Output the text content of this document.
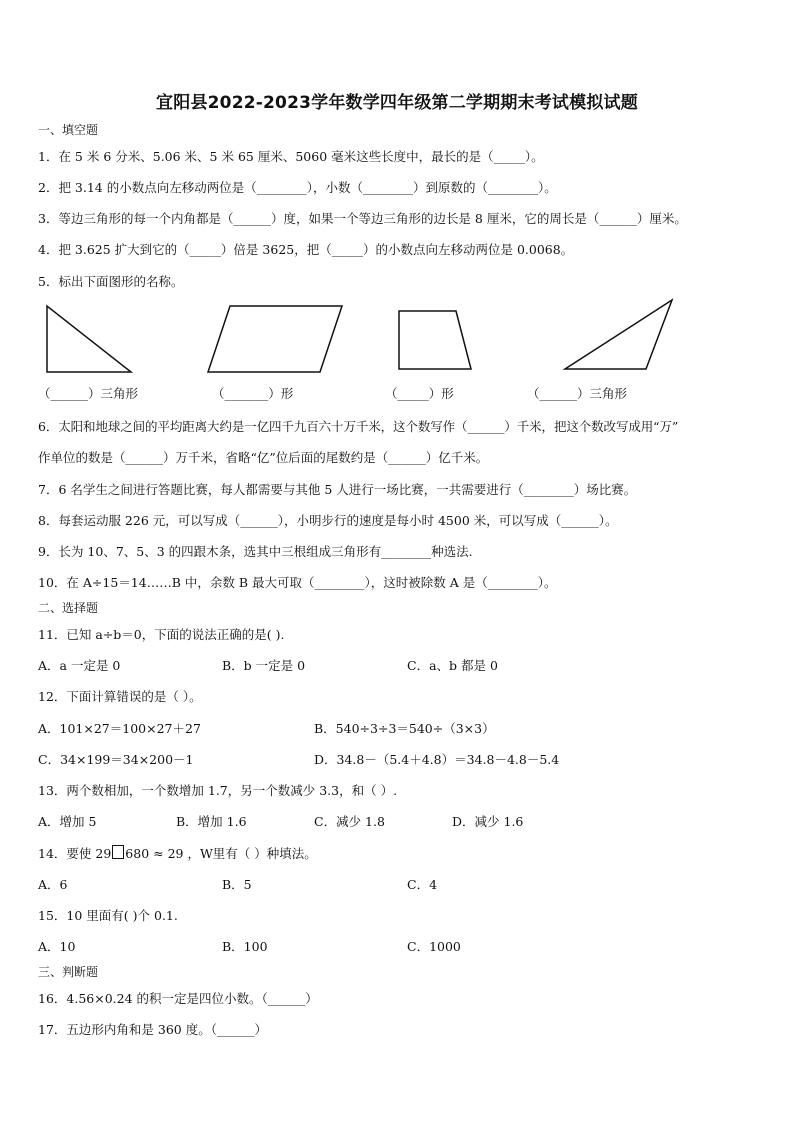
宜阳县2022-2023学年数学四年级第二学期期末考试模拟试题
一、填空题
1．在 5 米 6 分米、5.06 米、5 米 65 厘米、5060 毫米这些长度中，最长的是（_____）。
2．把 3.14 的小数点向左移动两位是（________），小数（________）到原数的（________）。
3．等边三角形的每一个内角都是（______）度，如果一个等边三角形的边长是 8 厘米，它的周长是（______）厘米。
4．把 3.625 扩大到它的（_____）倍是 3625，把（_____）的小数点向左移动两位是 0.0068。
5．标出下面图形的名称。
（______）三角形	（_______）形	（_____）形	（______）三角形
6．太阳和地球之间的平均距离大约是一亿四千九百六十万千米，这个数写作（______）千米，把这个数改写成用“万”
作单位的数是（______）万千米，省略“亿”位后面的尾数约是（______）亿千米。
7．6 名学生之间进行答题比赛，每人都需要与其他 5 人进行一场比赛，一共需要进行（________）场比赛。
8．每套运动服 226 元，可以写成（______），小明步行的速度是每小时 4500 米，可以写成（______）。
9．长为 10、7、5、3 的四跟木条，选其中三根组成三角形有________种选法.
10．在 A÷15＝14……B 中，余数 B 最大可取（________），这时被除数 A 是（________）。
二、选择题
11．已知 a÷b＝0，下面的说法正确的是( ).
A．a 一定是 0	B．b 一定是 0	C．a、b 都是 0
12．下面计算错误的是（ ）。
A．101×27＝100×27＋27	B．540÷3÷3＝540÷（3×3）
C．34×199＝34×200－1	D．34.8－（5.4＋4.8）＝34.8－4.8－5.4
13．两个数相加，一个数增加 1.7，另一个数减少 3.3，和（ ）.
A．增加 5	B．增加 1.6	C．减少 1.8	D．减少 1.6
14．要使 29 680 ≈ 29 ，W里有（ ）种填法。
A．6	B．5	C．4
15．10 里面有( )个 0.1.
A．10	B．100	C．1000
三、判断题
16．4.56×0.24 的积一定是四位小数。（______）
17．五边形内角和是 360 度。（______）
